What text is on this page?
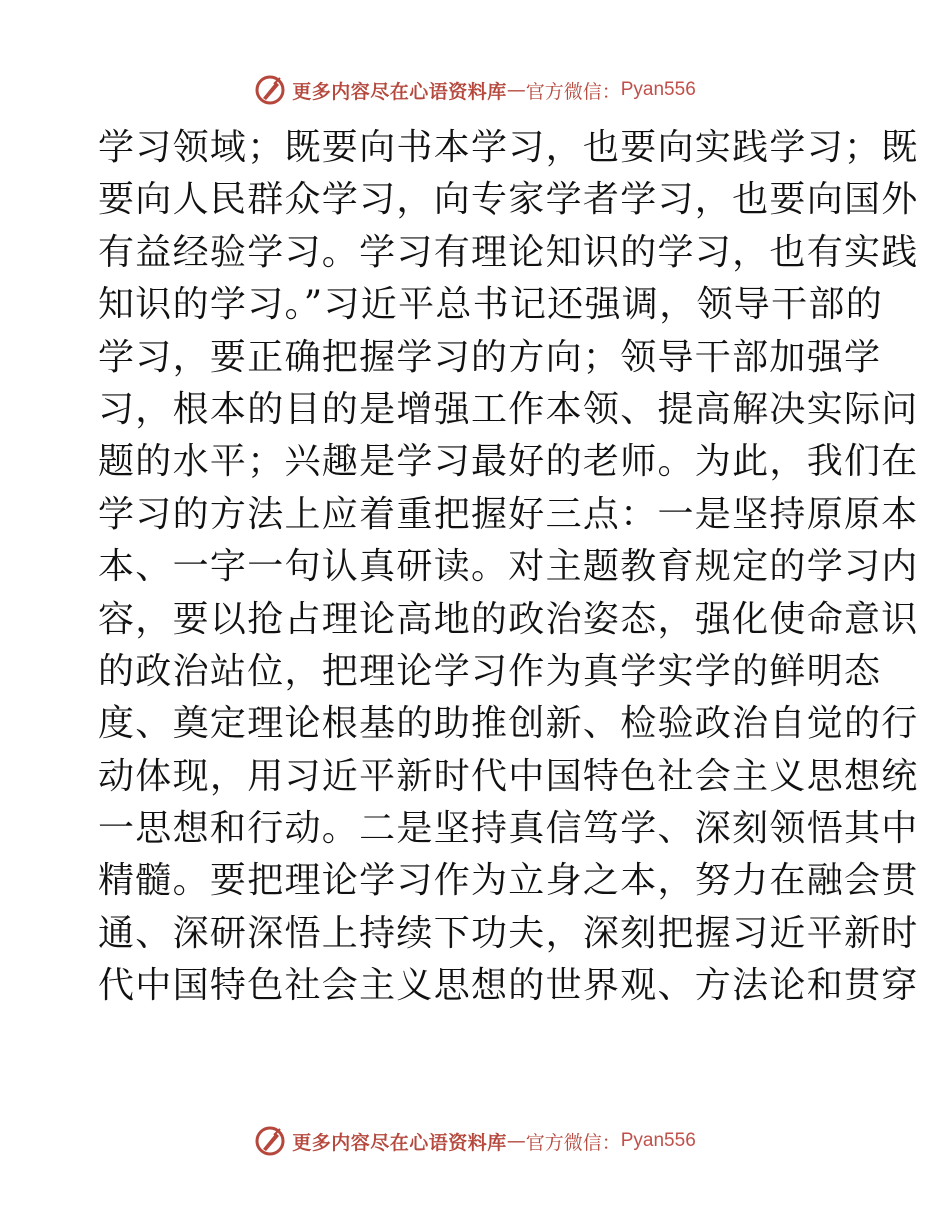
更多内容尽在心语资料库 — 官方微信： Pyan556
学习领域；既要向书本学习，也要向实践学习；既
要向人民群众学习，向专家学者学习，也要向国外
有益经验学习。学习有理论知识的学习，也有实践
知识的学习。”习近平总书记还强调，领导干部的
学习，要正确把握学习的方向；领导干部加强学
习，根本的目的是增强工作本领、提高解决实际问
题的水平；兴趣是学习最好的老师。为此，我们在
学习的方法上应着重把握好三点：一是坚持原原本
本、一字一句认真研读。对主题教育规定的学习内
容，要以抢占理论高地的政治姿态，强化使命意识
的政治站位，把理论学习作为真学实学的鲜明态
度、奠定理论根基的助推创新、检验政治自觉的行
动体现，用习近平新时代中国特色社会主义思想统
一思想和行动。二是坚持真信笃学、深刻领悟其中
精髓。要把理论学习作为立身之本，努力在融会贯
通、深研深悟上持续下功夫，深刻把握习近平新时
代中国特色社会主义思想的世界观、方法论和贯穿
更多内容尽在心语资料库 — 官方微信： Pyan556
